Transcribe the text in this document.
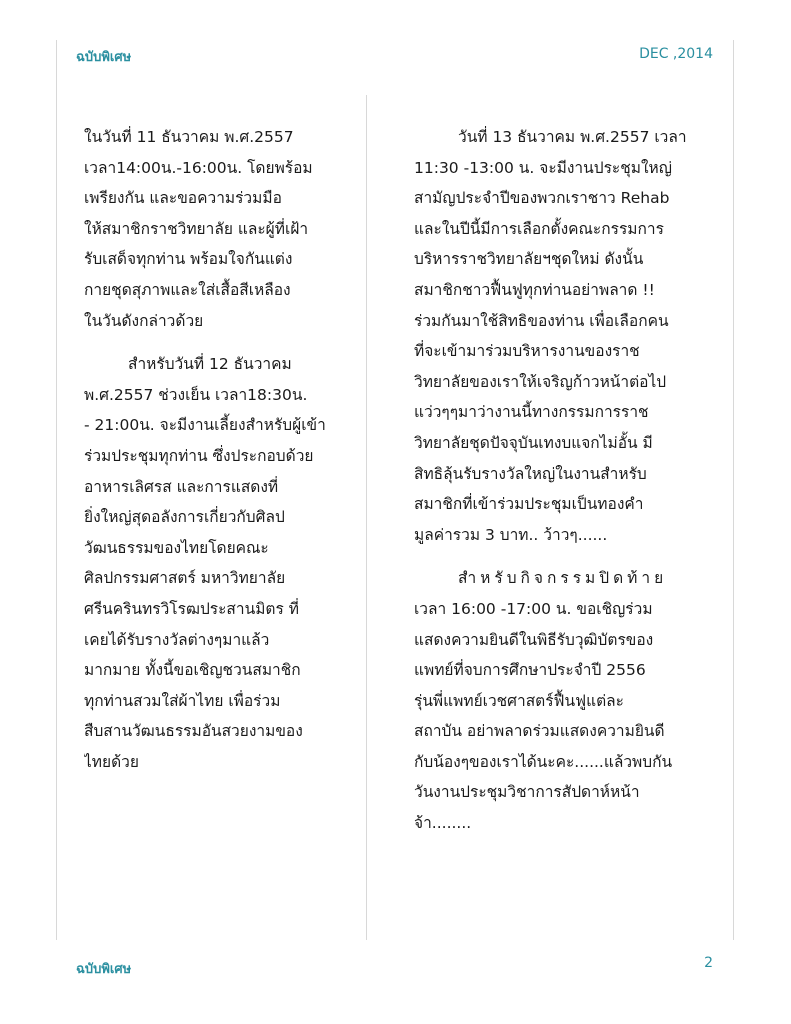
ฉบับพิเศษ	DEC ,2014

ในวันที่ 11 ธันวาคม พ.ศ.2557
เวลา14:00น.-16:00น. โดยพร้อม
เพรียงกัน และขอความร่วมมือ
ให้สมาชิกราชวิทยาลัย และผู้ที่เฝ้า
รับเสด็จทุกท่าน พร้อมใจกันแต่ง
กายชุดสุภาพและใส่เสื้อสีเหลือง
ในวันดังกล่าวด้วย

สำหรับวันที่ 12 ธันวาคม
พ.ศ.2557 ช่วงเย็น เวลา18:30น.
- 21:00น. จะมีงานเลี้ยงสำหรับผู้เข้า
ร่วมประชุมทุกท่าน ซึ่งประกอบด้วย
อาหารเลิศรส และการแสดงที่
ยิ่งใหญ่สุดอลังการเกี่ยวกับศิลป
วัฒนธรรมของไทยโดยคณะ
ศิลปกรรมศาสตร์ มหาวิทยาลัย
ศรีนครินทรวิโรฒประสานมิตร ที่
เคยได้รับรางวัลต่างๆมาแล้ว
มากมาย ทั้งนี้ขอเชิญชวนสมาชิก
ทุกท่านสวมใส่ผ้าไทย เพื่อร่วม
สืบสานวัฒนธรรมอันสวยงามของ
ไทยด้วย

วันที่ 13 ธันวาคม พ.ศ.2557 เวลา
11:30 -13:00 น. จะมีงานประชุมใหญ่
สามัญประจำปีของพวกเราชาว Rehab
และในปีนี้มีการเลือกตั้งคณะกรรมการ
บริหารราชวิทยาลัยฯชุดใหม่ ดังนั้น
สมาชิกชาวฟื้นฟูทุกท่านอย่าพลาด !!
ร่วมกันมาใช้สิทธิของท่าน เพื่อเลือกคน
ที่จะเข้ามาร่วมบริหารงานของราช
วิทยาลัยของเราให้เจริญก้าวหน้าต่อไป
แว่วๆๆมาว่างานนี้ทางกรรมการราช
วิทยาลัยชุดปัจจุบันเทงบแจกไม่อั้น มี
สิทธิลุ้นรับรางวัลใหญ่ในงานสำหรับ
สมาชิกที่เข้าร่วมประชุมเป็นทองคำ
มูลค่ารวม 3 บาท.. ว้าวๆ......

สำหรับกิจกรรมปิดท้าย
เวลา 16:00 -17:00 น. ขอเชิญร่วม
แสดงความยินดีในพิธีรับวุฒิบัตรของ
แพทย์ที่จบการศึกษาประจำปี 2556
รุ่นพี่แพทย์เวชศาสตร์ฟื้นฟูแต่ละ
สถาบัน อย่าพลาดร่วมแสดงความยินดี
กับน้องๆของเราได้นะคะ......แล้วพบกัน
วันงานประชุมวิชาการสัปดาห์หน้า
จ้า........

ฉบับพิเศษ	2
